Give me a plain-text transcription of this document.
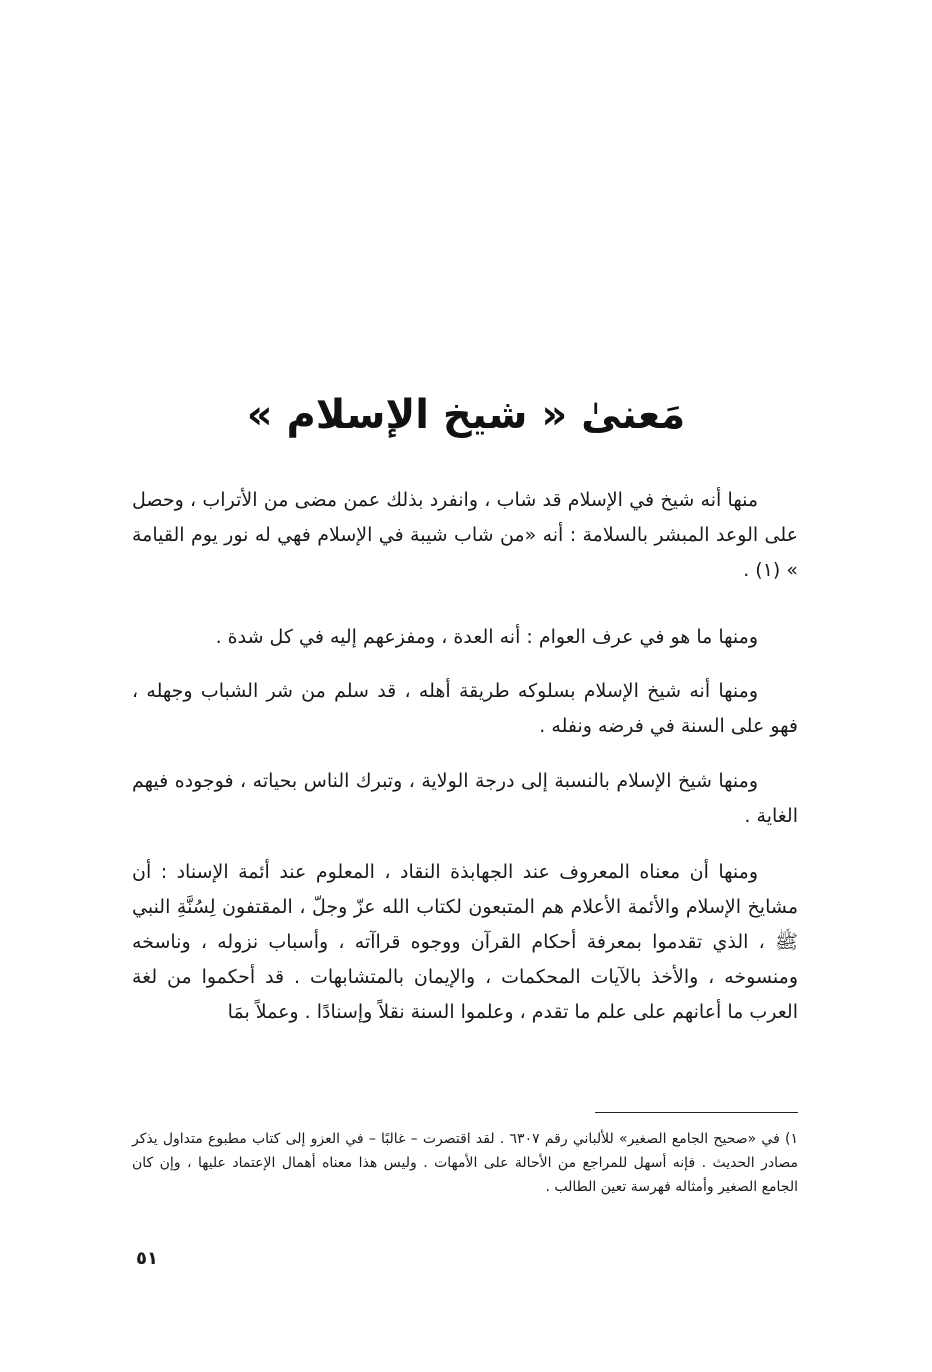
مَعنىٰ « شيخ الإسلام »

منها أنه شيخ في الإسلام قد شاب ، وانفرد بذلك عمن مضى من الأتراب ، وحصل على الوعد المبشر بالسلامة : أنه «من شاب شيبة في الإسلام فهي له نور يوم القيامة » (١) .

ومنها ما هو في عرف العوام : أنه العدة ، ومفزعهم إليه في كل شدة .

ومنها أنه شيخ الإسلام بسلوكه طريقة أهله ، قد سلم من شر الشباب وجهله ، فهو على السنة في فرضه ونفله .

ومنها شيخ الإسلام بالنسبة إلى درجة الولاية ، وتبرك الناس بحياته ، فوجوده فيهم الغاية .

ومنها أن معناه المعروف عند الجهابذة النقاد ، المعلوم عند أئمة الإسناد : أن مشايخ الإسلام والأئمة الأعلام هم المتبعون لكتاب الله عزّ وجلّ ، المقتفون لِسُنَّةِ النبي ﷺ ، الذي تقدموا بمعرفة أحكام القرآن ووجوه قراآته ، وأسباب نزوله ، وناسخه ومنسوخه ، والأخذ بالآيات المحكمات ، والإيمان بالمتشابهات . قد أحكموا من لغة العرب ما أعانهم على علم ما تقدم ، وعلموا السنة نقلاً وإسنادًا . وعملاً بمَا

١) في «صحيح الجامع الصغير» للألباني رقم ٦٣٠٧ . لقد اقتصرت – غالبًا – في العزو إلى كتاب مطبوع متداول يذكر مصادر الحديث . فإنه أسهل للمراجع من الأحالة على الأمهات . وليس هذا معناه أهمال الإعتماد عليها ، وإن كان الجامع الصغير وأمثاله فهرسة تعين الطالب .

٥١
